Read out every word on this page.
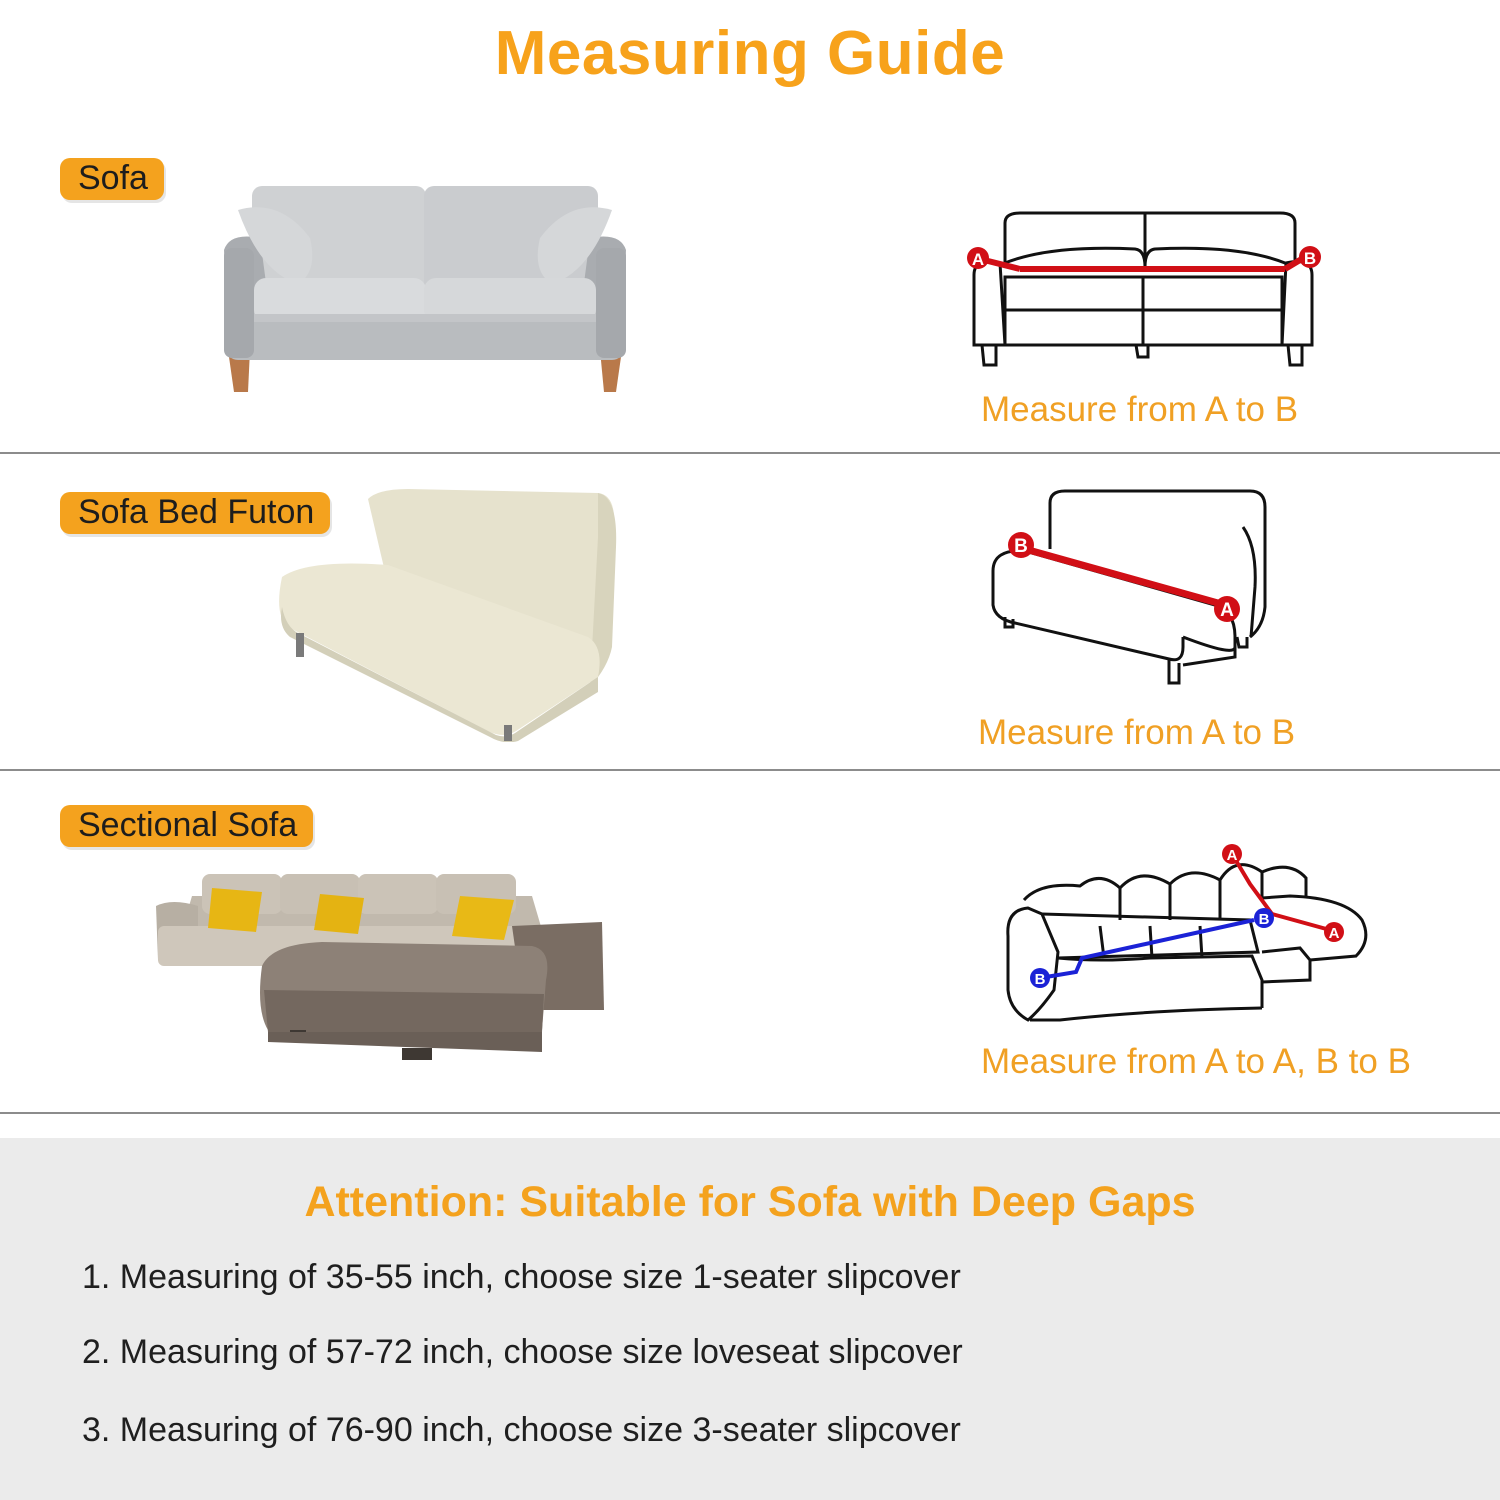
Measuring Guide
Sofa
A	B
Measure from A to B
Sofa Bed Futon
B
A
Measure from A to B
Sectional Sofa
A
A
B
B
Measure from A to A, B to B
Attention: Suitable for Sofa with Deep Gaps
1. Measuring of 35-55 inch, choose size 1-seater slipcover
2. Measuring of 57-72 inch, choose size loveseat slipcover
3. Measuring of 76-90 inch, choose size 3-seater slipcover
